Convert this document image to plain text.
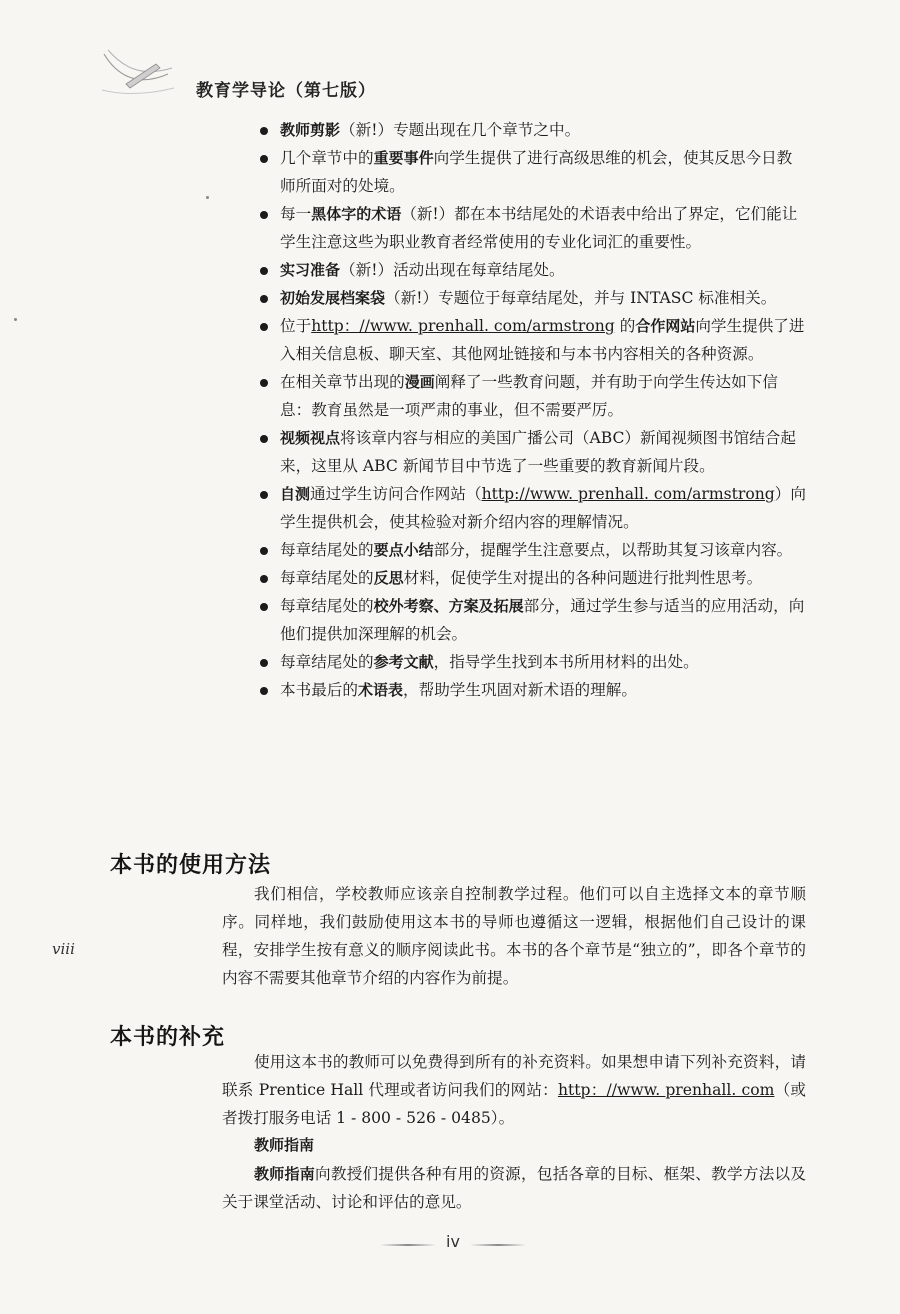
教育学导论（第七版）
教师剪影（新!）专题出现在几个章节之中。
几个章节中的重要事件向学生提供了进行高级思维的机会，使其反思今日教师所面对的处境。
每一黑体字的术语（新!）都在本书结尾处的术语表中给出了界定，它们能让学生注意这些为职业教育者经常使用的专业化词汇的重要性。
实习准备（新!）活动出现在每章结尾处。
初始发展档案袋（新!）专题位于每章结尾处，并与 INTASC 标准相关。
位于http：//www. prenhall. com/armstrong 的合作网站向学生提供了进入相关信息板、聊天室、其他网址链接和与本书内容相关的各种资源。
在相关章节出现的漫画阐释了一些教育问题，并有助于向学生传达如下信息：教育虽然是一项严肃的事业，但不需要严厉。
视频视点将该章内容与相应的美国广播公司（ABC）新闻视频图书馆结合起来，这里从 ABC 新闻节目中节选了一些重要的教育新闻片段。
自测通过学生访问合作网站（http://www. prenhall. com/armstrong）向学生提供机会，使其检验对新介绍内容的理解情况。
每章结尾处的要点小结部分，提醒学生注意要点，以帮助其复习该章内容。
每章结尾处的反思材料，促使学生对提出的各种问题进行批判性思考。
每章结尾处的校外考察、方案及拓展部分，通过学生参与适当的应用活动，向他们提供加深理解的机会。
每章结尾处的参考文献，指导学生找到本书所用材料的出处。
本书最后的术语表，帮助学生巩固对新术语的理解。
本书的使用方法

我们相信，学校教师应该亲自控制教学过程。他们可以自主选择文本的章节顺序。同样地，我们鼓励使用这本书的导师也遵循这一逻辑，根据他们自己设计的课程，安排学生按有意义的顺序阅读此书。本书的各个章节是“独立的”，即各个章节的内容不需要其他章节介绍的内容作为前提。

viii
本书的补充

使用这本书的教师可以免费得到所有的补充资料。如果想申请下列补充资料，请联系 Prentice Hall 代理或者访问我们的网站：http：//www. prenhall. com（或者拨打服务电话 1 - 800 - 526 - 0485）。

教师指南

教师指南向教授们提供各种有用的资源，包括各章的目标、框架、教学方法以及关于课堂活动、讨论和评估的意见。

iv
